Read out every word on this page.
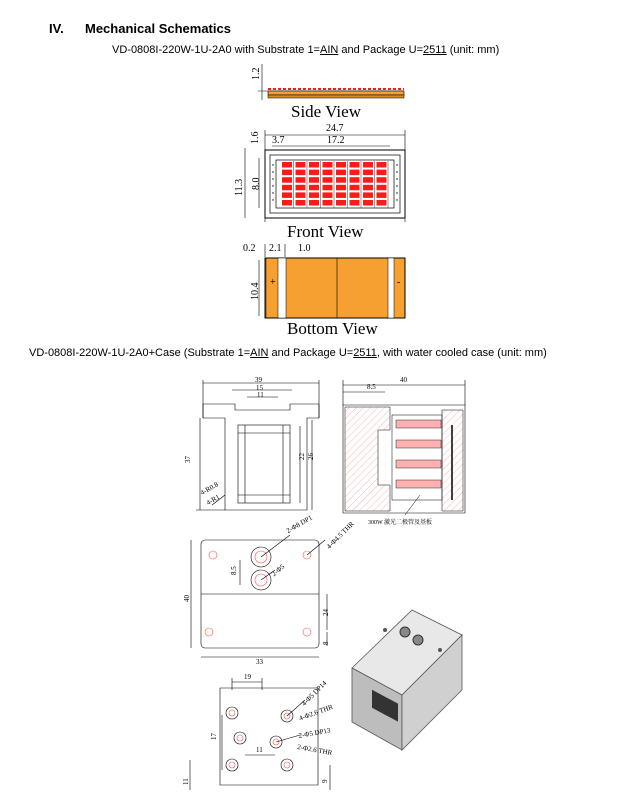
IV. Mechanical Schematics
VD-0808I-220W-1U-2A0 with Substrate 1=AIN and Package U=2511 (unit: mm)
1.2
Side View
24.7
17.2
3.7
1.6
11.3 8.0
Front View
0.2 2.1 1.0
10.4 +	-
Bottom View
VD-0808I-220W-1U-2A0+Case (Substrate 1=AIN and Package U=2511, with water cooled case (unit: mm)
39
15
11
37	22 26
4-R0.8
4-R1
40
8.5
300W 激光二极管及基板
2-Φ8 DP1 4-Φ4.5 THR
2-Φ5
8.5
40
24
8
33
19
17
11
11	9
4-Φ5 DP14
4-Φ2.6 THR
2-Φ5 DP13
2-Φ2.6 THR
